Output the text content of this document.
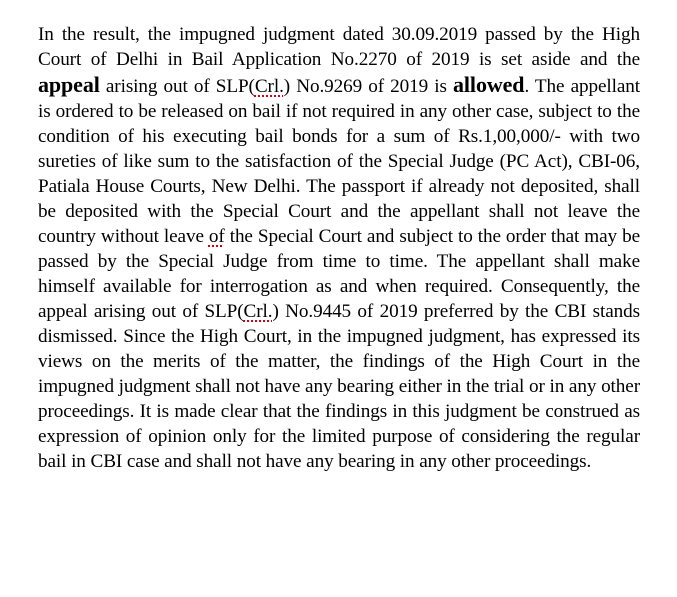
In the result, the impugned judgment dated 30.09.2019 passed by the High Court of Delhi in Bail Application No.2270 of 2019 is set aside and the appeal arising out of SLP(Crl.) No.9269 of 2019 is allowed. The appellant is ordered to be released on bail if not required in any other case, subject to the condition of his executing bail bonds for a sum of Rs.1,00,000/- with two sureties of like sum to the satisfaction of the Special Judge (PC Act), CBI-06, Patiala House Courts, New Delhi. The passport if already not deposited, shall be deposited with the Special Court and the appellant shall not leave the country without leave of the Special Court and subject to the order that may be passed by the Special Judge from time to time. The appellant shall make himself available for interrogation as and when required. Consequently, the appeal arising out of SLP(Crl.) No.9445 of 2019 preferred by the CBI stands dismissed. Since the High Court, in the impugned judgment, has expressed its views on the merits of the matter, the findings of the High Court in the impugned judgment shall not have any bearing either in the trial or in any other proceedings. It is made clear that the findings in this judgment be construed as expression of opinion only for the limited purpose of considering the regular bail in CBI case and shall not have any bearing in any other proceedings.
